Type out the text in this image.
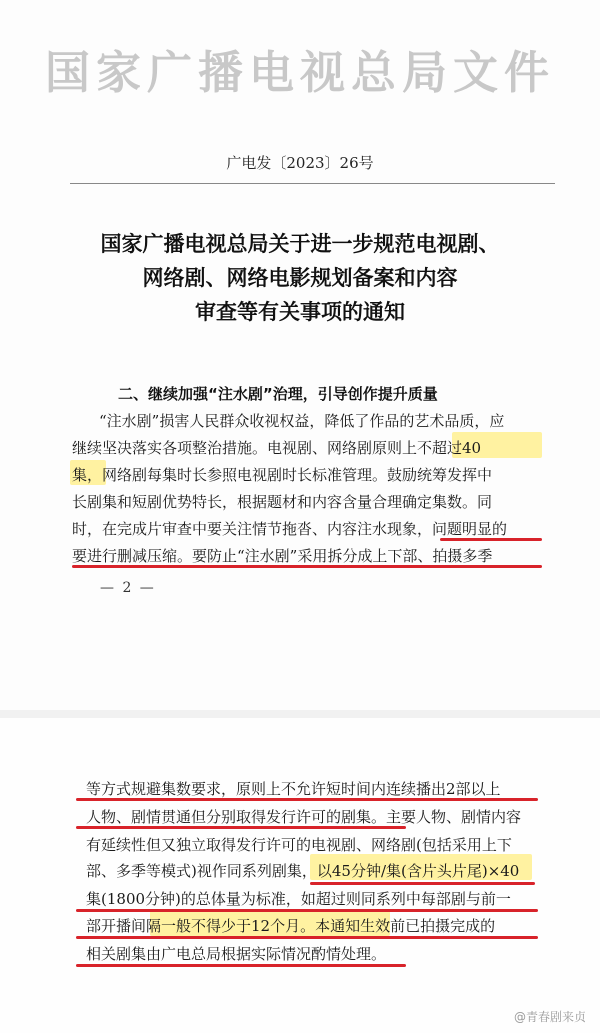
国家广播电视总局文件
广电发〔2023〕26号
国家广播电视总局关于进一步规范电视剧、
网络剧、网络电影规划备案和内容
审查等有关事项的通知
二、继续加强“注水剧”治理，引导创作提升质量
“注水剧”损害人民群众收视权益，降低了作品的艺术品质，应
继续坚决落实各项整治措施。电视剧、网络剧原则上不超过40
集，网络剧每集时长参照电视剧时长标准管理。鼓励统筹发挥中
长剧集和短剧优势特长，根据题材和内容含量合理确定集数。同
时，在完成片审查中要关注情节拖沓、内容注水现象，问题明显的
要进行删减压缩。要防止“注水剧”采用拆分成上下部、拍摄多季
— 2 —
等方式规避集数要求，原则上不允许短时间内连续播出2部以上
人物、剧情贯通但分别取得发行许可的剧集。主要人物、剧情内容
有延续性但又独立取得发行许可的电视剧、网络剧(包括采用上下
部、多季等模式)视作同系列剧集，以45分钟/集(含片头片尾)×40
集(1800分钟)的总体量为标准，如超过则同系列中每部剧与前一
部开播间隔一般不得少于12个月。本通知生效前已拍摄完成的
相关剧集由广电总局根据实际情况酌情处理。
@青春剧来贞
